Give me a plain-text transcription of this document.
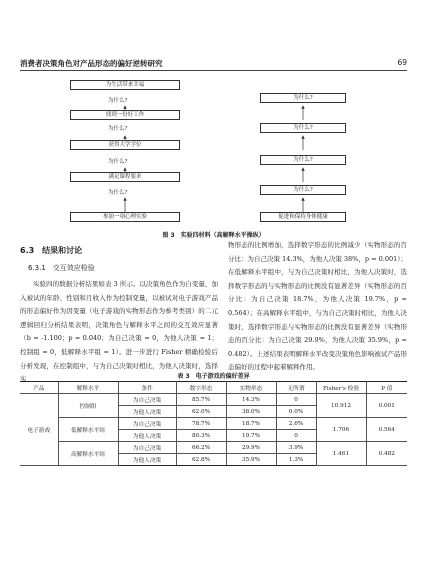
消费者决策角色对产品形态的偏好逆转研究	69
为生活带来幸福
找到一份好工作
获得大学学位
满足课程要求
参加一项心理实验
为什么?
为什么?
为什么?
为什么?
为什么?
为什么?
为什么?
为什么?
促进和保持身体健康
图 3　实验四材料（高解释水平操纵）
6.3　结果和讨论
6.3.1　交互效应检验
实验四的数据分析结果如表 3 所示。以决策角色作为自变量，加入被试的年龄、性别和月收入作为控制变量，以被试对电子游戏产品的形态偏好作为因变量（电子游戏的实物形态作为参考类别）的二元逻辑回归分析结果表明，决策角色与解释水平之间的交互效应显著（b = -1.100；p = 0.040；为自己决策 = 0，为他人决策 = 1；控制组 = 0，低解释水平组 = 1）。进一步进行 Fisher 精确检验后分析发现，在控制组中，与为自己决策时相比，为他人决策时，选择实
物形态的比例增加，选择数字形态的比例减少（实物形态的百分比：为自己决策 14.3%，为他人决策 38%，p = 0.001）；在低解释水平组中，与为自己决策时相比，为他人决策时，选择数字形态的与实物形态的比例没有显著差异（实物形态的百分比：为自己决策 18.7%，为他人决策 19.7%，p = 0.564）；在高解释水平组中，与为自己决策时相比，为他人决策时，选择数字形态与实物形态的比例没有显著差异（实物形态的百分比：为自己决策 29.9%，为他人决策 35.9%，p = 0.482）。上述结果表明解释水平改变决策角色影响被试产品形态偏好的过程中起着解释作用。
表 3　电子游戏的偏好差异
产品	解释水平	条件	数字形态	实物形态	无所谓	Fisher's 检验	P 值
电子游戏	控制组	为自己决策	85.7%	14.3%	0	10.912	0.001
		为他人决策	62.0%	38.0%	0.0%		
	低解释水平组	为自己决策	78.7%	18.7%	2.6%	1.706	0.564
		为他人决策	80.3%	19.7%	0		
	高解释水平组	为自己决策	66.2%	29.9%	3.9%	1.461	0.482
		为他人决策	62.8%	35.9%	1.3%		
